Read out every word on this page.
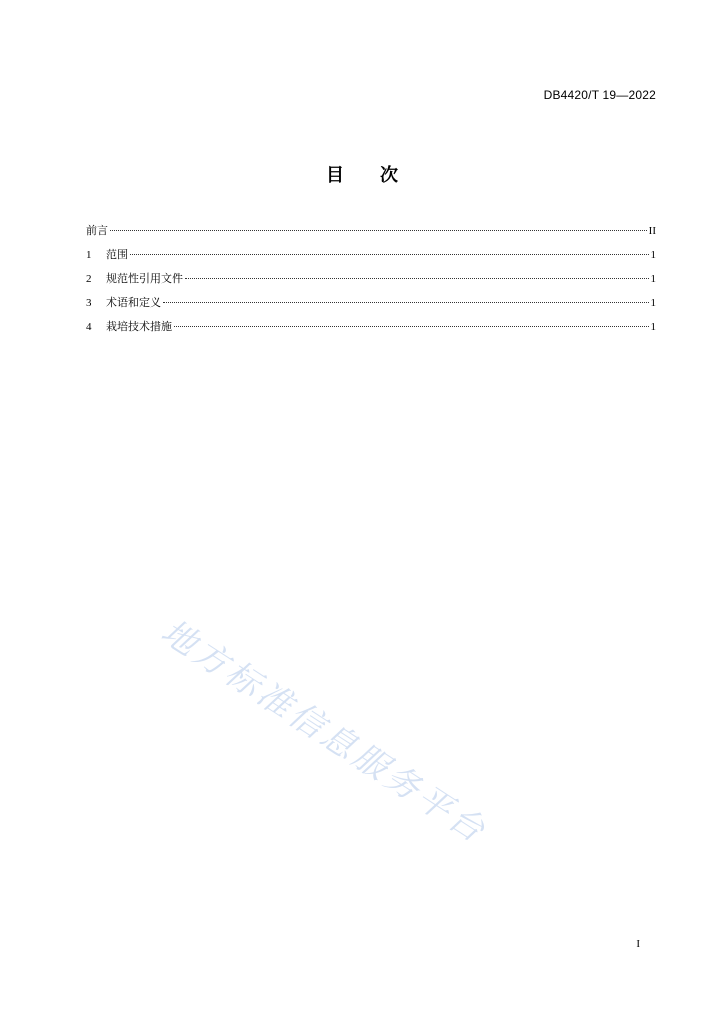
DB4420/T 19—2022
目 次
前言	II
1	范围	1
2	规范性引用文件	1
3	术语和定义	1
4	栽培技术措施	1
地方标准信息服务平台
I
